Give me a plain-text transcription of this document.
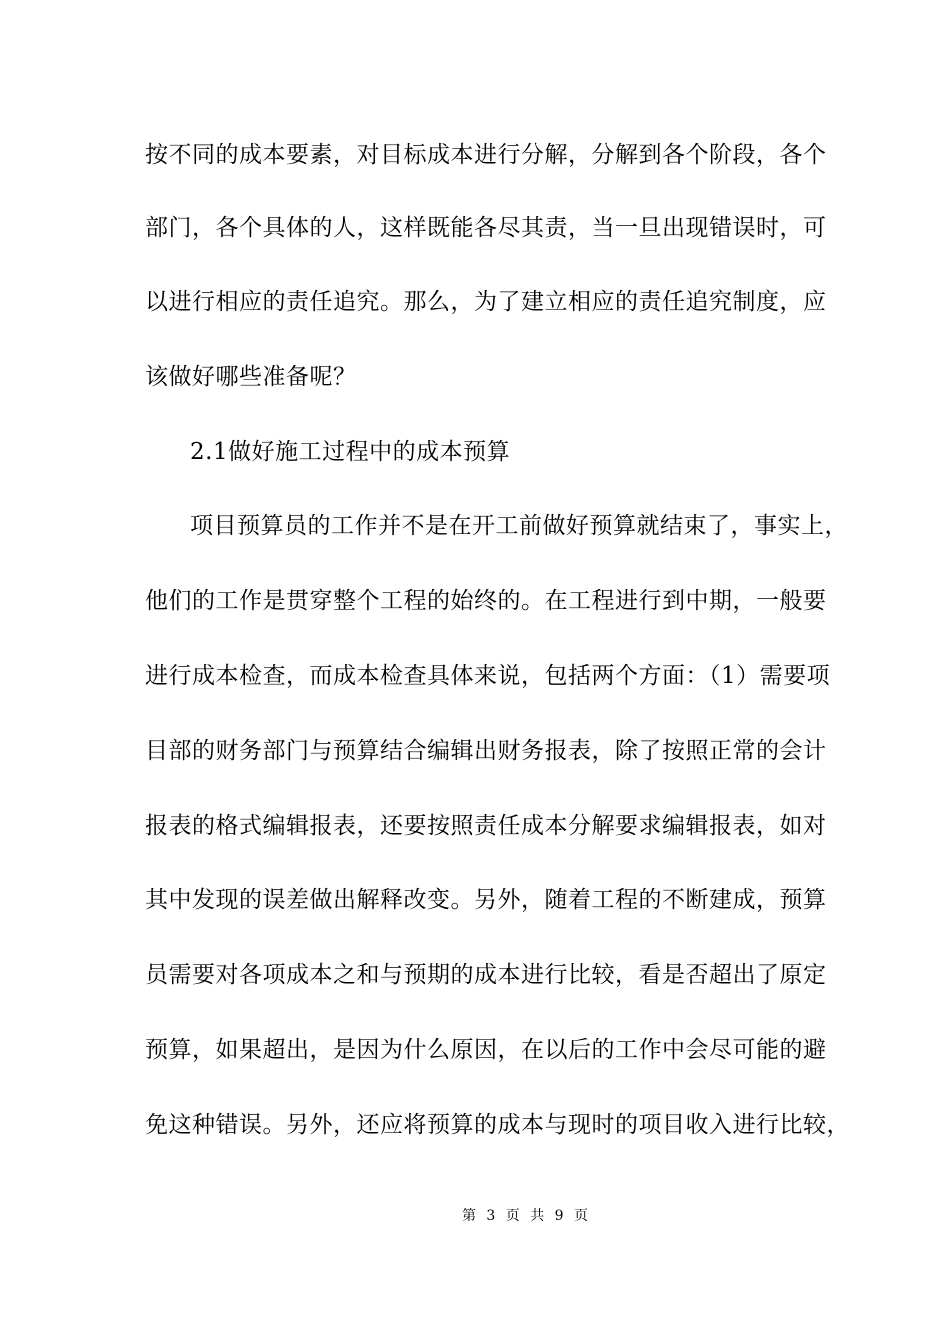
按不同的成本要素，对目标成本进行分解，分解到各个阶段，各个
部门，各个具体的人，这样既能各尽其责，当一旦出现错误时，可
以进行相应的责任追究。那么，为了建立相应的责任追究制度，应
该做好哪些准备呢？
2.1做好施工过程中的成本预算
项目预算员的工作并不是在开工前做好预算就结束了，事实上，
他们的工作是贯穿整个工程的始终的。在工程进行到中期，一般要
进行成本检查，而成本检查具体来说，包括两个方面：（1）需要项
目部的财务部门与预算结合编辑出财务报表，除了按照正常的会计
报表的格式编辑报表，还要按照责任成本分解要求编辑报表，如对
其中发现的误差做出解释改变。另外，随着工程的不断建成，预算
员需要对各项成本之和与预期的成本进行比较，看是否超出了原定
预算，如果超出，是因为什么原因，在以后的工作中会尽可能的避
免这种错误。另外，还应将预算的成本与现时的项目收入进行比较，
第 3 页 共 9 页
